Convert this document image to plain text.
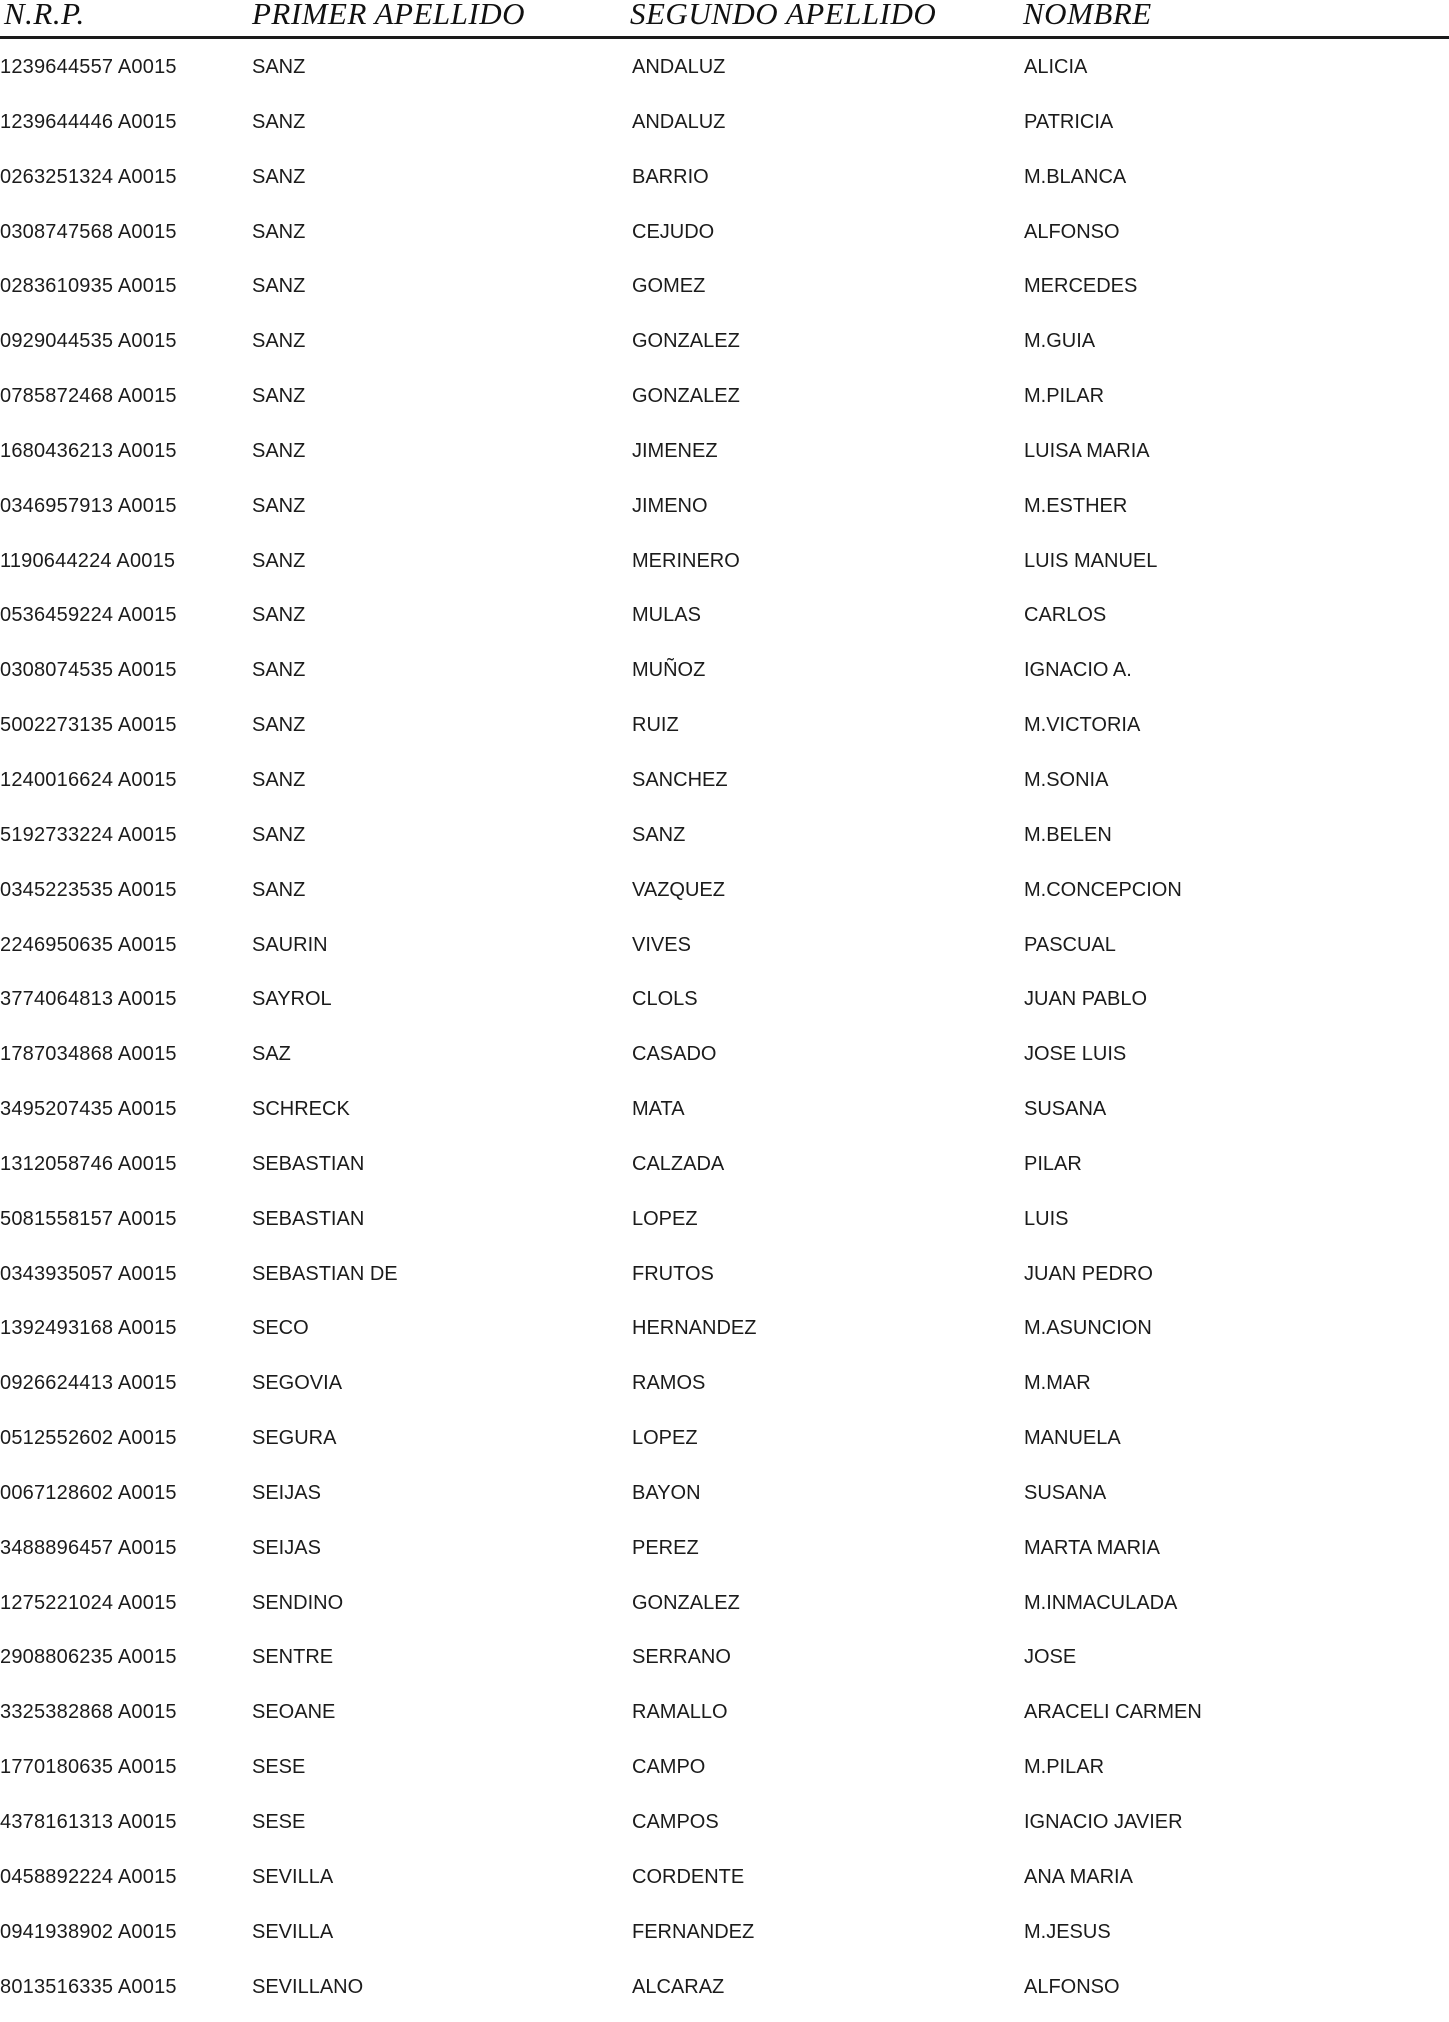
N.R.P.	PRIMER APELLIDO	SEGUNDO APELLIDO	NOMBRE
1239644557 A0015	SANZ	ANDALUZ	ALICIA
1239644446 A0015	SANZ	ANDALUZ	PATRICIA
0263251324 A0015	SANZ	BARRIO	M.BLANCA
0308747568 A0015	SANZ	CEJUDO	ALFONSO
0283610935 A0015	SANZ	GOMEZ	MERCEDES
0929044535 A0015	SANZ	GONZALEZ	M.GUIA
0785872468 A0015	SANZ	GONZALEZ	M.PILAR
1680436213 A0015	SANZ	JIMENEZ	LUISA MARIA
0346957913 A0015	SANZ	JIMENO	M.ESTHER
1190644224 A0015	SANZ	MERINERO	LUIS MANUEL
0536459224 A0015	SANZ	MULAS	CARLOS
0308074535 A0015	SANZ	MUÑOZ	IGNACIO A.
5002273135 A0015	SANZ	RUIZ	M.VICTORIA
1240016624 A0015	SANZ	SANCHEZ	M.SONIA
5192733224 A0015	SANZ	SANZ	M.BELEN
0345223535 A0015	SANZ	VAZQUEZ	M.CONCEPCION
2246950635 A0015	SAURIN	VIVES	PASCUAL
3774064813 A0015	SAYROL	CLOLS	JUAN PABLO
1787034868 A0015	SAZ	CASADO	JOSE LUIS
3495207435 A0015	SCHRECK	MATA	SUSANA
1312058746 A0015	SEBASTIAN	CALZADA	PILAR
5081558157 A0015	SEBASTIAN	LOPEZ	LUIS
0343935057 A0015	SEBASTIAN DE	FRUTOS	JUAN PEDRO
1392493168 A0015	SECO	HERNANDEZ	M.ASUNCION
0926624413 A0015	SEGOVIA	RAMOS	M.MAR
0512552602 A0015	SEGURA	LOPEZ	MANUELA
0067128602 A0015	SEIJAS	BAYON	SUSANA
3488896457 A0015	SEIJAS	PEREZ	MARTA MARIA
1275221024 A0015	SENDINO	GONZALEZ	M.INMACULADA
2908806235 A0015	SENTRE	SERRANO	JOSE
3325382868 A0015	SEOANE	RAMALLO	ARACELI CARMEN
1770180635 A0015	SESE	CAMPO	M.PILAR
4378161313 A0015	SESE	CAMPOS	IGNACIO JAVIER
0458892224 A0015	SEVILLA	CORDENTE	ANA MARIA
0941938902 A0015	SEVILLA	FERNANDEZ	M.JESUS
8013516335 A0015	SEVILLANO	ALCARAZ	ALFONSO
